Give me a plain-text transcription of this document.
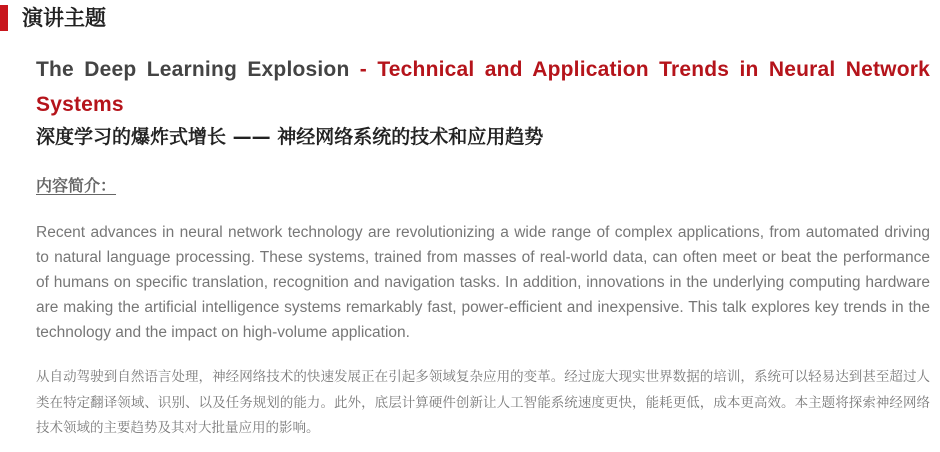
演讲主题
The Deep Learning Explosion - Technical and Application Trends in Neural Network Systems
深度学习的爆炸式增长 —— 神经网络系统的技术和应用趋势
内容简介：
Recent advances in neural network technology are revolutionizing a wide range of complex applications, from automated driving to natural language processing. These systems, trained from masses of real-world data, can often meet or beat the performance of humans on specific translation, recognition and navigation tasks. In addition, innovations in the underlying computing hardware are making the artificial intelligence systems remarkably fast, power-efficient and inexpensive. This talk explores key trends in the technology and the impact on high-volume application.
从自动驾驶到自然语言处理，神经网络技术的快速发展正在引起多领域复杂应用的变革。经过庞大现实世界数据的培训，系统可以轻易达到甚至超过人类在特定翻译领域、识别、以及任务规划的能力。此外，底层计算硬件创新让人工智能系统速度更快，能耗更低，成本更高效。本主题将探索神经网络技术领域的主要趋势及其对大批量应用的影响。
